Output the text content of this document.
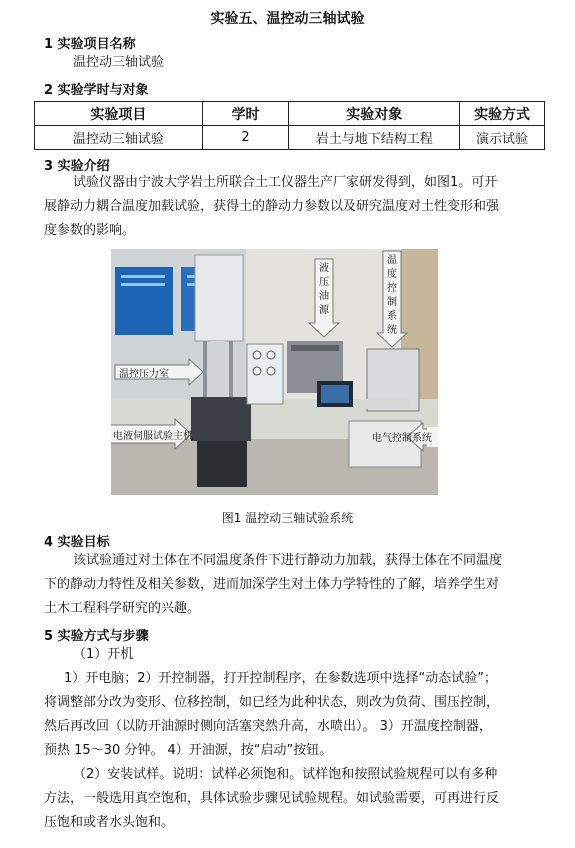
实验五、温控动三轴试验
1 实验项目名称
温控动三轴试验
2 实验学时与对象
实验项目	学时	实验对象	实验方式
温控动三轴试验	2	岩土与地下结构工程	演示试验
3 实验介绍
试验仪器由宁波大学岩土所联合土工仪器生产厂家研发得到，如图1。可开
展静动力耦合温度加载试验，获得土的静动力参数以及研究温度对土性变形和强
度参数的影响。
温控压力室
电液伺服试验主机
液
压
油
源
温
度
控
制
系
统
电气控制系统
图1 温控动三轴试验系统
4 实验目标
该试验通过对土体在不同温度条件下进行静动力加载，获得土体在不同温度
下的静动力特性及相关参数，进而加深学生对土体力学特性的了解，培养学生对
土木工程科学研究的兴趣。
5 实验方式与步骤
（1）开机
1）开电脑；2）开控制器，打开控制程序，在参数选项中选择“动态试验”；
将调整部分改为变形、位移控制，如已经为此种状态，则改为负荷、围压控制，
然后再改回（以防开油源时侧向活塞突然升高，水喷出）。 3）开温度控制器，
预热 15～30 分钟。 4）开油源，按“启动”按钮。
（2）安装试样。说明：试样必须饱和。试样饱和按照试验规程可以有多种
方法，一般选用真空饱和，具体试验步骤见试验规程。如试验需要，可再进行反
压饱和或者水头饱和。
